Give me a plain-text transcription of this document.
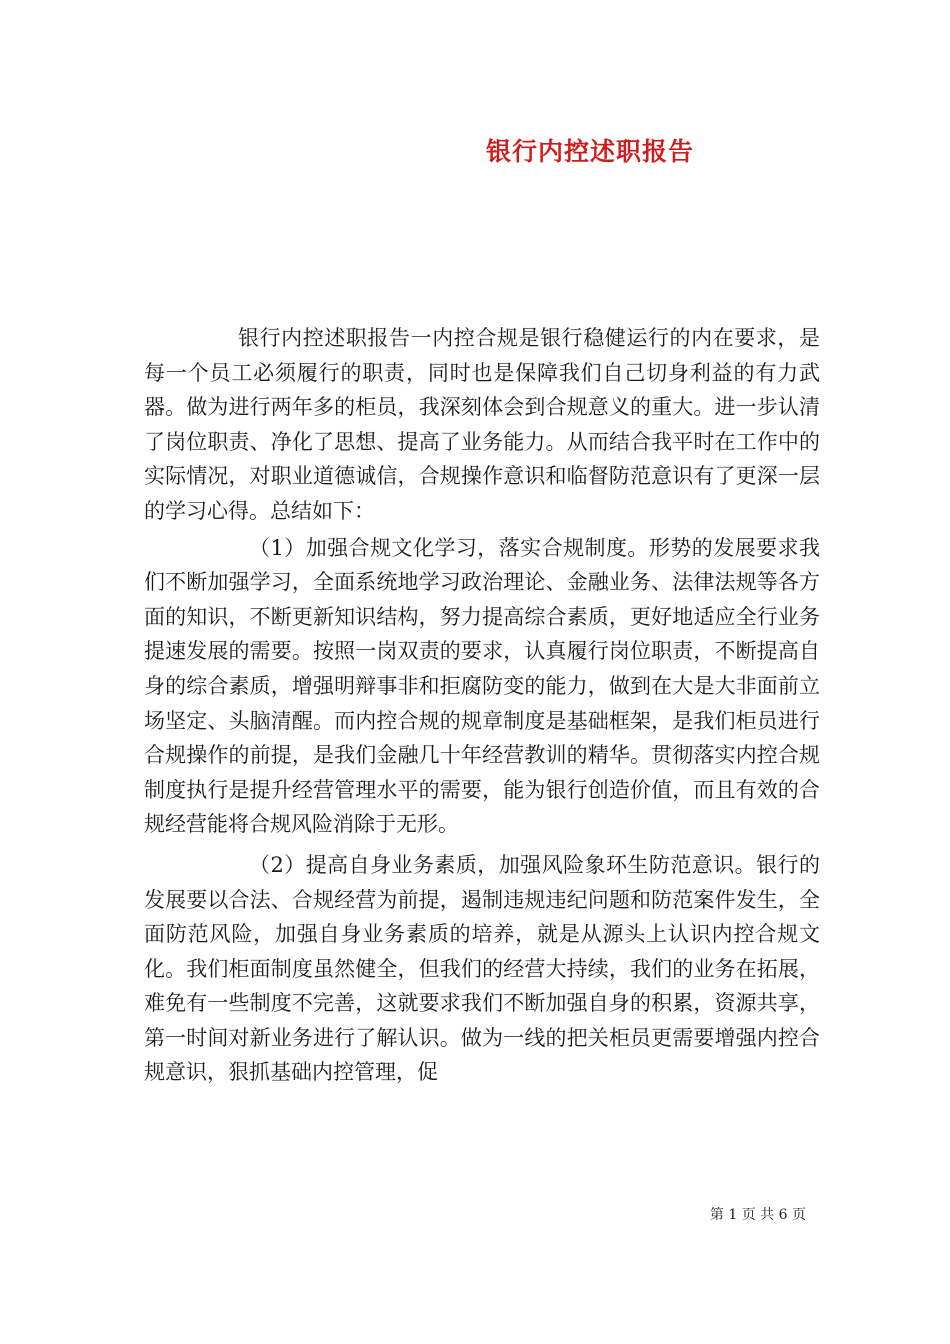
银行内控述职报告

银行内控述职报告一内控合规是银行稳健运行的内在要求，是每一个员工必须履行的职责，同时也是保障我们自己切身利益的有力武器。做为进行两年多的柜员，我深刻体会到合规意义的重大。进一步认清了岗位职责、净化了思想、提高了业务能力。从而结合我平时在工作中的实际情况，对职业道德诚信，合规操作意识和临督防范意识有了更深一层的学习心得。总结如下：

（1）加强合规文化学习，落实合规制度。形势的发展要求我们不断加强学习，全面系统地学习政治理论、金融业务、法律法规等各方面的知识，不断更新知识结构，努力提高综合素质，更好地适应全行业务提速发展的需要。按照一岗双责的要求，认真履行岗位职责，不断提高自身的综合素质，增强明辩事非和拒腐防变的能力，做到在大是大非面前立场坚定、头脑清醒。而内控合规的规章制度是基础框架，是我们柜员进行合规操作的前提，是我们金融几十年经营教训的精华。贯彻落实内控合规制度执行是提升经营管理水平的需要，能为银行创造价值，而且有效的合规经营能将合规风险消除于无形。

（2）提高自身业务素质，加强风险象环生防范意识。银行的发展要以合法、合规经营为前提，遏制违规违纪问题和防范案件发生，全面防范风险，加强自身业务素质的培养，就是从源头上认识内控合规文化。我们柜面制度虽然健全，但我们的经营大持续，我们的业务在拓展，难免有一些制度不完善，这就要求我们不断加强自身的积累，资源共享，第一时间对新业务进行了解认识。做为一线的把关柜员更需要增强内控合规意识，狠抓基础内控管理，促

第 1 页 共 6 页
